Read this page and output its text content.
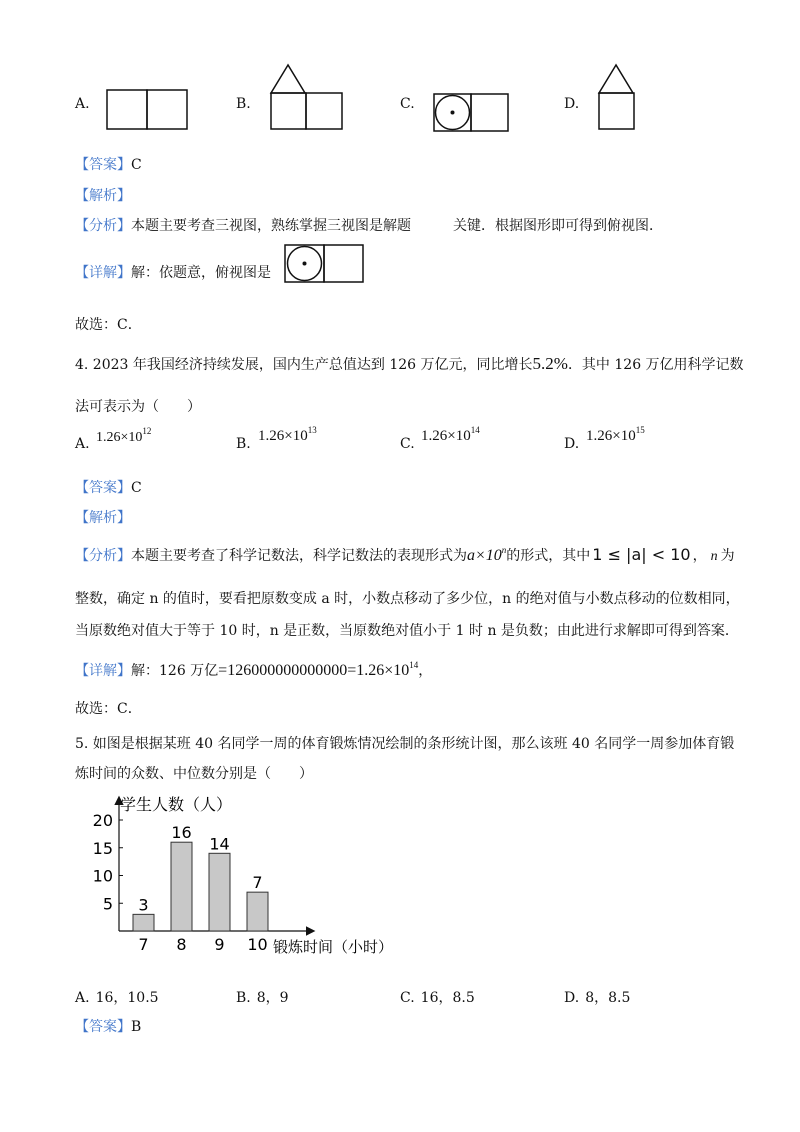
A.	B.	C.	D.
【答案】C
【解析】
【分析】本题主要考查三视图，熟练掌握三视图是解题	关键．根据图形即可得到俯视图．
【详解】解：依题意，俯视图是
故选：C．
4. 2023 年我国经济持续发展，国内生产总值达到 126 万亿元，同比增长5.2%．其中 126 万亿用科学记数
法可表示为（　　）
A. $1.26\times 10^{12}$
B. $1.26\times 10^{13}$
C. $1.26\times 10^{14}$
D. $1.26\times 10^{15}$
【答案】C
【解析】
【分析】本题主要考查了科学记数法，科学记数法的表现形式为$a\times 10^n$的形式，其中 1 ≤ |a| < 10 ， n 为
整数，确定 n 的值时，要看把原数变成 a 时，小数点移动了多少位，n 的绝对值与小数点移动的位数相同，
当原数绝对值大于等于 10 时，n 是正数，当原数绝对值小于 1 时 n 是负数；由此进行求解即可得到答案．
【详解】解：126 万亿$=126000000000000=1.26\times 10^{14}$，
故选：C．
5. 如图是根据某班 40 名同学一周的体育锻炼情况绘制的条形统计图，那么该班 40 名同学一周参加体育锻
炼时间的众数、中位数分别是（　　）
学生人数（人）
锻炼时间（小时）
5
10
15
20
3
7
16
8
14
9
7
10
A. 16，10.5	B. 8，9	C. 16，8.5	D. 8，8.5
【答案】B
